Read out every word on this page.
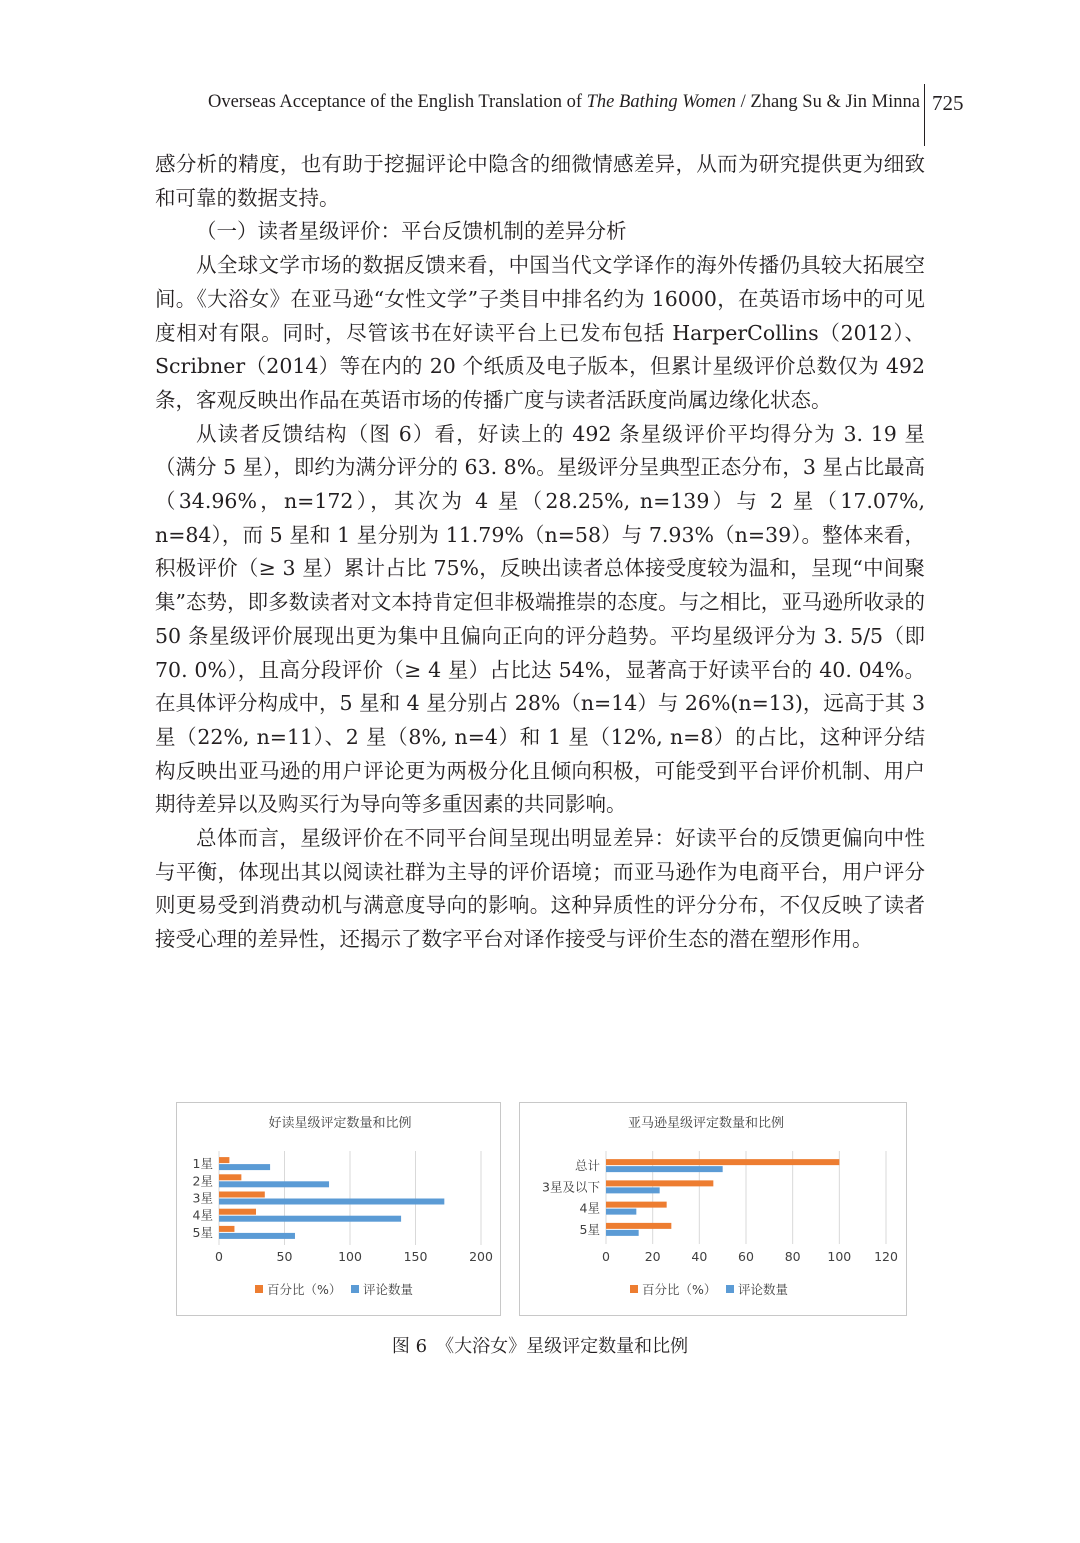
Overseas Acceptance of the English Translation of The Bathing Women / Zhang Su & Jin Minna 725

感分析的精度，也有助于挖掘评论中隐含的细微情感差异，从而为研究提供更为细致和可靠的数据支持。

（一）读者星级评价：平台反馈机制的差异分析

从全球文学市场的数据反馈来看，中国当代文学译作的海外传播仍具较大拓展空间。《大浴女》在亚马逊“女性文学”子类目中排名约为 16000，在英语市场中的可见度相对有限。同时，尽管该书在好读平台上已发布包括 HarperCollins（2012）、Scribner（2014）等在内的 20 个纸质及电子版本，但累计星级评价总数仅为 492 条，客观反映出作品在英语市场的传播广度与读者活跃度尚属边缘化状态。

从读者反馈结构（图 6）看，好读上的 492 条星级评价平均得分为 3. 19 星（满分 5 星），即约为满分评分的 63. 8%。星级评分呈典型正态分布，3 星占比最高（34.96%，n=172），其次为 4 星（28.25%, n=139）与 2 星（17.07%, n=84），而 5 星和 1 星分别为 11.79%（n=58）与 7.93%（n=39）。整体来看，积极评价（≥ 3 星）累计占比 75%，反映出读者总体接受度较为温和，呈现“中间聚集”态势，即多数读者对文本持肯定但非极端推崇的态度。与之相比，亚马逊所收录的 50 条星级评价展现出更为集中且偏向正向的评分趋势。平均星级评分为 3. 5/5（即 70. 0%），且高分段评价（≥ 4 星）占比达 54%，显著高于好读平台的 40. 04%。在具体评分构成中，5 星和 4 星分别占 28%（n=14）与 26%(n=13)，远高于其 3 星（22%, n=11）、2 星（8%, n=4）和 1 星（12%, n=8）的占比，这种评分结构反映出亚马逊的用户评论更为两极分化且倾向积极，可能受到平台评价机制、用户期待差异以及购买行为导向等多重因素的共同影响。

总体而言，星级评价在不同平台间呈现出明显差异：好读平台的反馈更偏向中性与平衡，体现出其以阅读社群为主导的评价语境；而亚马逊作为电商平台，用户评分则更易受到消费动机与满意度导向的影响。这种异质性的评分分布，不仅反映了读者接受心理的差异性，还揭示了数字平台对译作接受与评价生态的潜在塑形作用。

好读星级评定数量和比例
0	50	100	150	200
1星
2星
3星
4星
5星
百分比（%） 评论数量
亚马逊星级评定数量和比例
0	20 40 60 80 100 120
总计
3星及以下
4星
5星
百分比（%） 评论数量
图 6　《大浴女》星级评定数量和比例
